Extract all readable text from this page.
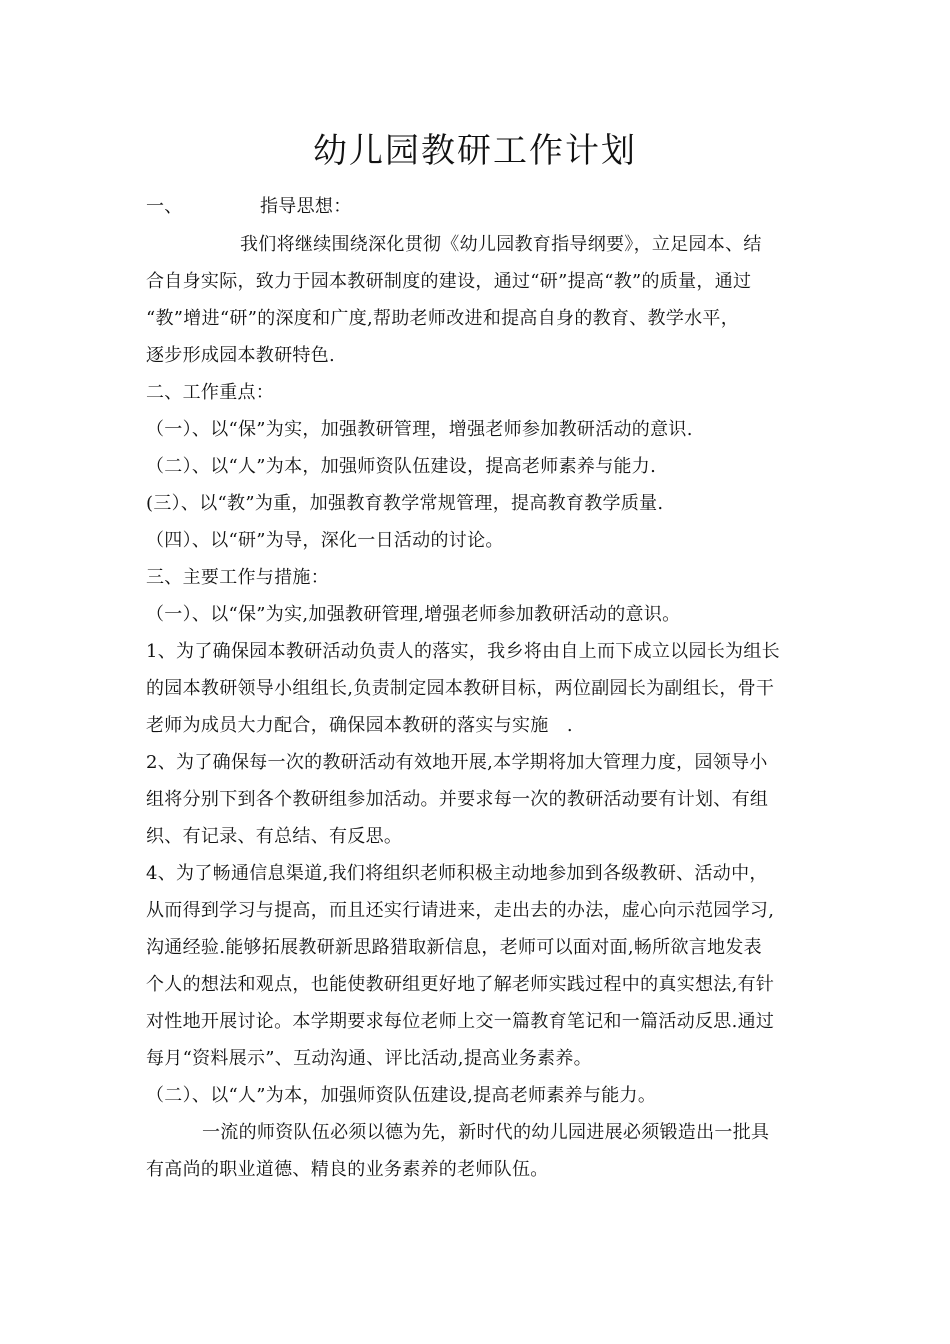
幼儿园教研工作计划
一、	指导思想：
我们将继续围绕深化贯彻《幼儿园教育指导纲要》，立足园本、结
合自身实际，致力于园本教研制度的建设，通过“研”提高“教”的质量，通过
“教”增进“研”的深度和广度,帮助老师改进和提高自身的教育、教学水平，
逐步形成园本教研特色.
二、工作重点：
（一）、以“保”为实，加强教研管理，增强老师参加教研活动的意识.
（二）、以“人”为本，加强师资队伍建设，提高老师素养与能力.
(三）、以“教”为重，加强教育教学常规管理，提高教育教学质量.
（四）、以“研”为导，深化一日活动的讨论。
三、主要工作与措施：
（一）、以“保”为实,加强教研管理,增强老师参加教研活动的意识。
1、为了确保园本教研活动负责人的落实，我乡将由自上而下成立以园长为组长
的园本教研领导小组组长,负责制定园本教研目标，两位副园长为副组长，骨干
老师为成员大力配合，确保园本教研的落实与实施　.
2、为了确保每一次的教研活动有效地开展,本学期将加大管理力度，园领导小
组将分别下到各个教研组参加活动。并要求每一次的教研活动要有计划、有组
织、有记录、有总结、有反思。
4、为了畅通信息渠道,我们将组织老师积极主动地参加到各级教研、活动中，
从而得到学习与提高，而且还实行请进来，走出去的办法，虚心向示范园学习,
沟通经验.能够拓展教研新思路猎取新信息，老师可以面对面,畅所欲言地发表
个人的想法和观点，也能使教研组更好地了解老师实践过程中的真实想法,有针
对性地开展讨论。本学期要求每位老师上交一篇教育笔记和一篇活动反思.通过
每月“资料展示”、互动沟通、评比活动,提高业务素养。
（二）、以“人”为本，加强师资队伍建设,提高老师素养与能力。
一流的师资队伍必须以德为先，新时代的幼儿园进展必须锻造出一批具
有高尚的职业道德、精良的业务素养的老师队伍。
